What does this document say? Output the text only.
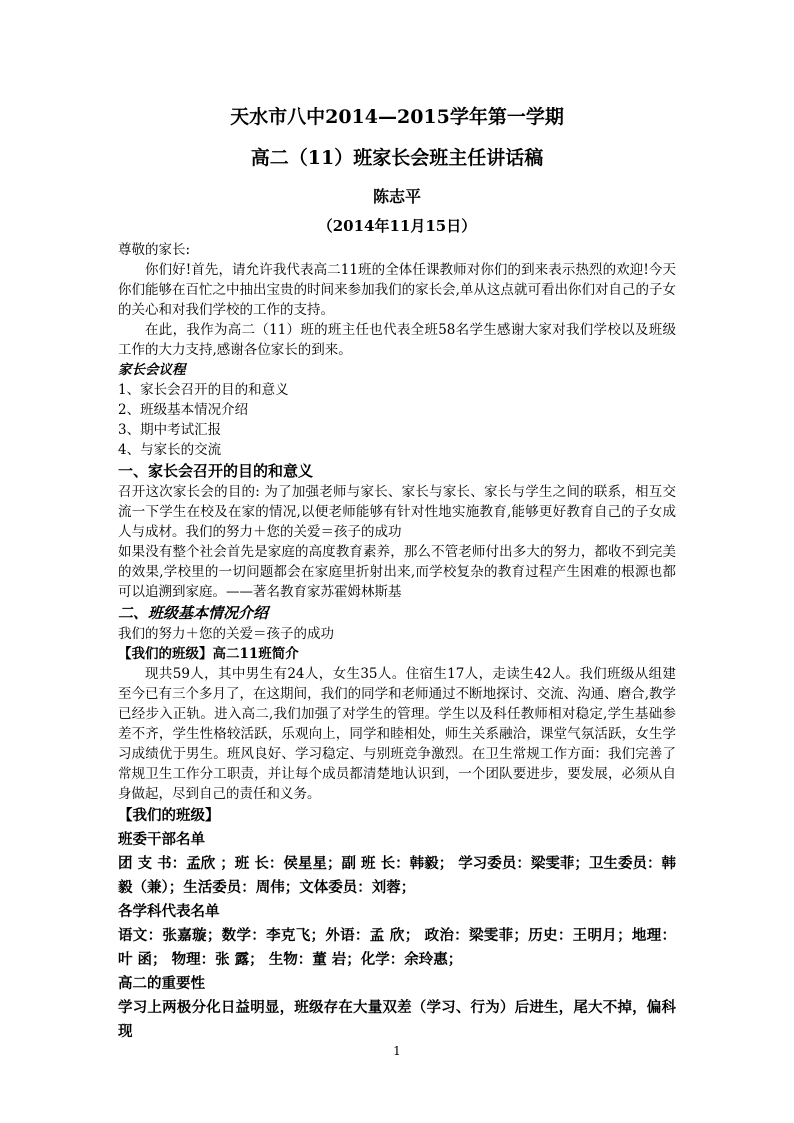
天水市八中2014—2015学年第一学期
高二（11）班家长会班主任讲话稿
陈志平
（2014年11月15日）

尊敬的家长:

你们好!首先，请允许我代表高二11班的全体任课教师对你们的到来表示热烈的欢迎!今天你们能够在百忙之中抽出宝贵的时间来参加我们的家长会,单从这点就可看出你们对自己的子女的关心和对我们学校的工作的支持。

在此，我作为高二（11）班的班主任也代表全班58名学生感谢大家对我们学校以及班级工作的大力支持,感谢各位家长的到来。

家长会议程
1、家长会召开的目的和意义
2、班级基本情况介绍
3、期中考试汇报
4、与家长的交流
一、家长会召开的目的和意义

召开这次家长会的目的: 为了加强老师与家长、家长与家长、家长与学生之间的联系，相互交流一下学生在校及在家的情况,以便老师能够有针对性地实施教育,能够更好教育自己的子女成人与成材。我们的努力＋您的关爱＝孩子的成功

如果没有整个社会首先是家庭的高度教育素养，那么不管老师付出多大的努力，都收不到完美的效果,学校里的一切问题都会在家庭里折射出来,而学校复杂的教育过程产生困难的根源也都可以追溯到家庭。——著名教育家苏霍姆林斯基

二、班级基本情况介绍
我们的努力＋您的关爱＝孩子的成功
【我们的班级】高二11班简介

现共59人，其中男生有24人，女生35人。住宿生17人，走读生42人。我们班级从组建至今已有三个多月了，在这期间，我们的同学和老师通过不断地探讨、交流、沟通、磨合,教学已经步入正轨。进入高二,我们加强了对学生的管理。学生以及科任教师相对稳定,学生基础参差不齐，学生性格较活跃，乐观向上，同学和睦相处，师生关系融洽，课堂气氛活跃，女生学习成绩优于男生。班风良好、学习稳定、与别班竞争激烈。在卫生常规工作方面：我们完善了常规卫生工作分工职责，并让每个成员都清楚地认识到，一个团队要进步，要发展，必须从自身做起，尽到自己的责任和义务。

【我们的班级】
班委干部名单
团 支 书：孟欣 ；班 长：侯星星；副 班 长：韩毅； 学习委员：梁雯菲；卫生委员：韩毅（兼）；生活委员：周伟；文体委员：刘蓉；
各学科代表名单
语文：张嘉璇；数学：李克飞；外语：孟 欣； 政治：梁雯菲；历史：王明月；地理：叶 函； 物理：张 露； 生物：董 岩；化学：余玲惠；
高二的重要性
学习上两极分化日益明显，班级存在大量双差（学习、行为）后进生，尾大不掉，偏科现
1
